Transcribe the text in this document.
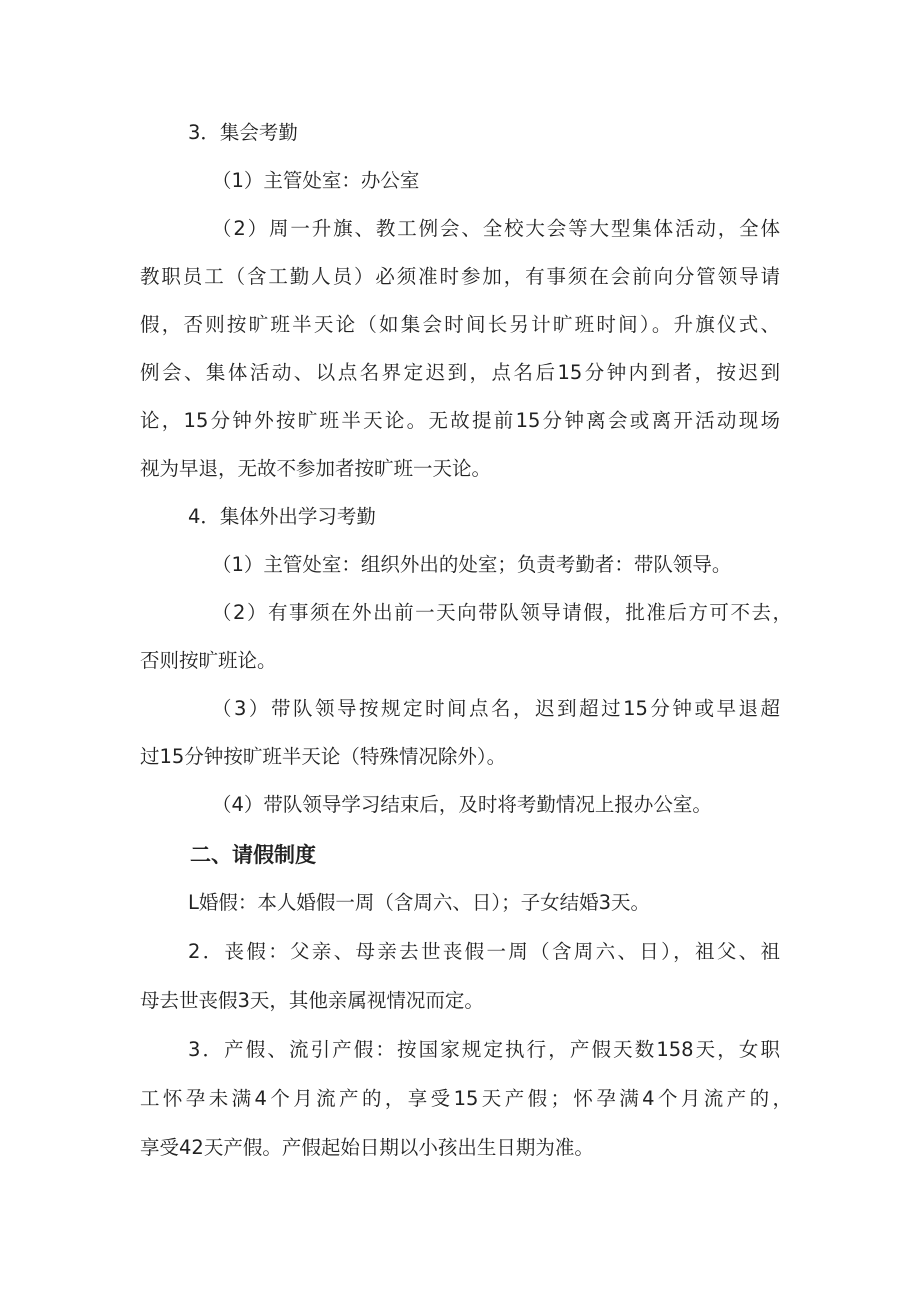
3．集会考勤
（1）主管处室：办公室
（2）周一升旗、教工例会、全校大会等大型集体活动，全体
教职员工（含工勤人员）必须准时参加，有事须在会前向分管领导请
假，否则按旷班半天论（如集会时间长另计旷班时间）。升旗仪式、
例会、集体活动、以点名界定迟到，点名后15分钟内到者，按迟到
论，15分钟外按旷班半天论。无故提前15分钟离会或离开活动现场
视为早退，无故不参加者按旷班一天论。
4．集体外出学习考勤
（1）主管处室：组织外出的处室；负责考勤者：带队领导。
（2）有事须在外出前一天向带队领导请假，批准后方可不去，
否则按旷班论。
（3）带队领导按规定时间点名，迟到超过15分钟或早退超
过15分钟按旷班半天论（特殊情况除外）。
（4）带队领导学习结束后，及时将考勤情况上报办公室。
二、请假制度
L婚假：本人婚假一周（含周六、日）；子女结婚3天。
2．丧假：父亲、母亲去世丧假一周（含周六、日），祖父、祖
母去世丧假3天，其他亲属视情况而定。
3．产假、流引产假：按国家规定执行，产假天数158天，女职
工怀孕未满4个月流产的，享受15天产假；怀孕满4个月流产的，
享受42天产假。产假起始日期以小孩出生日期为准。
